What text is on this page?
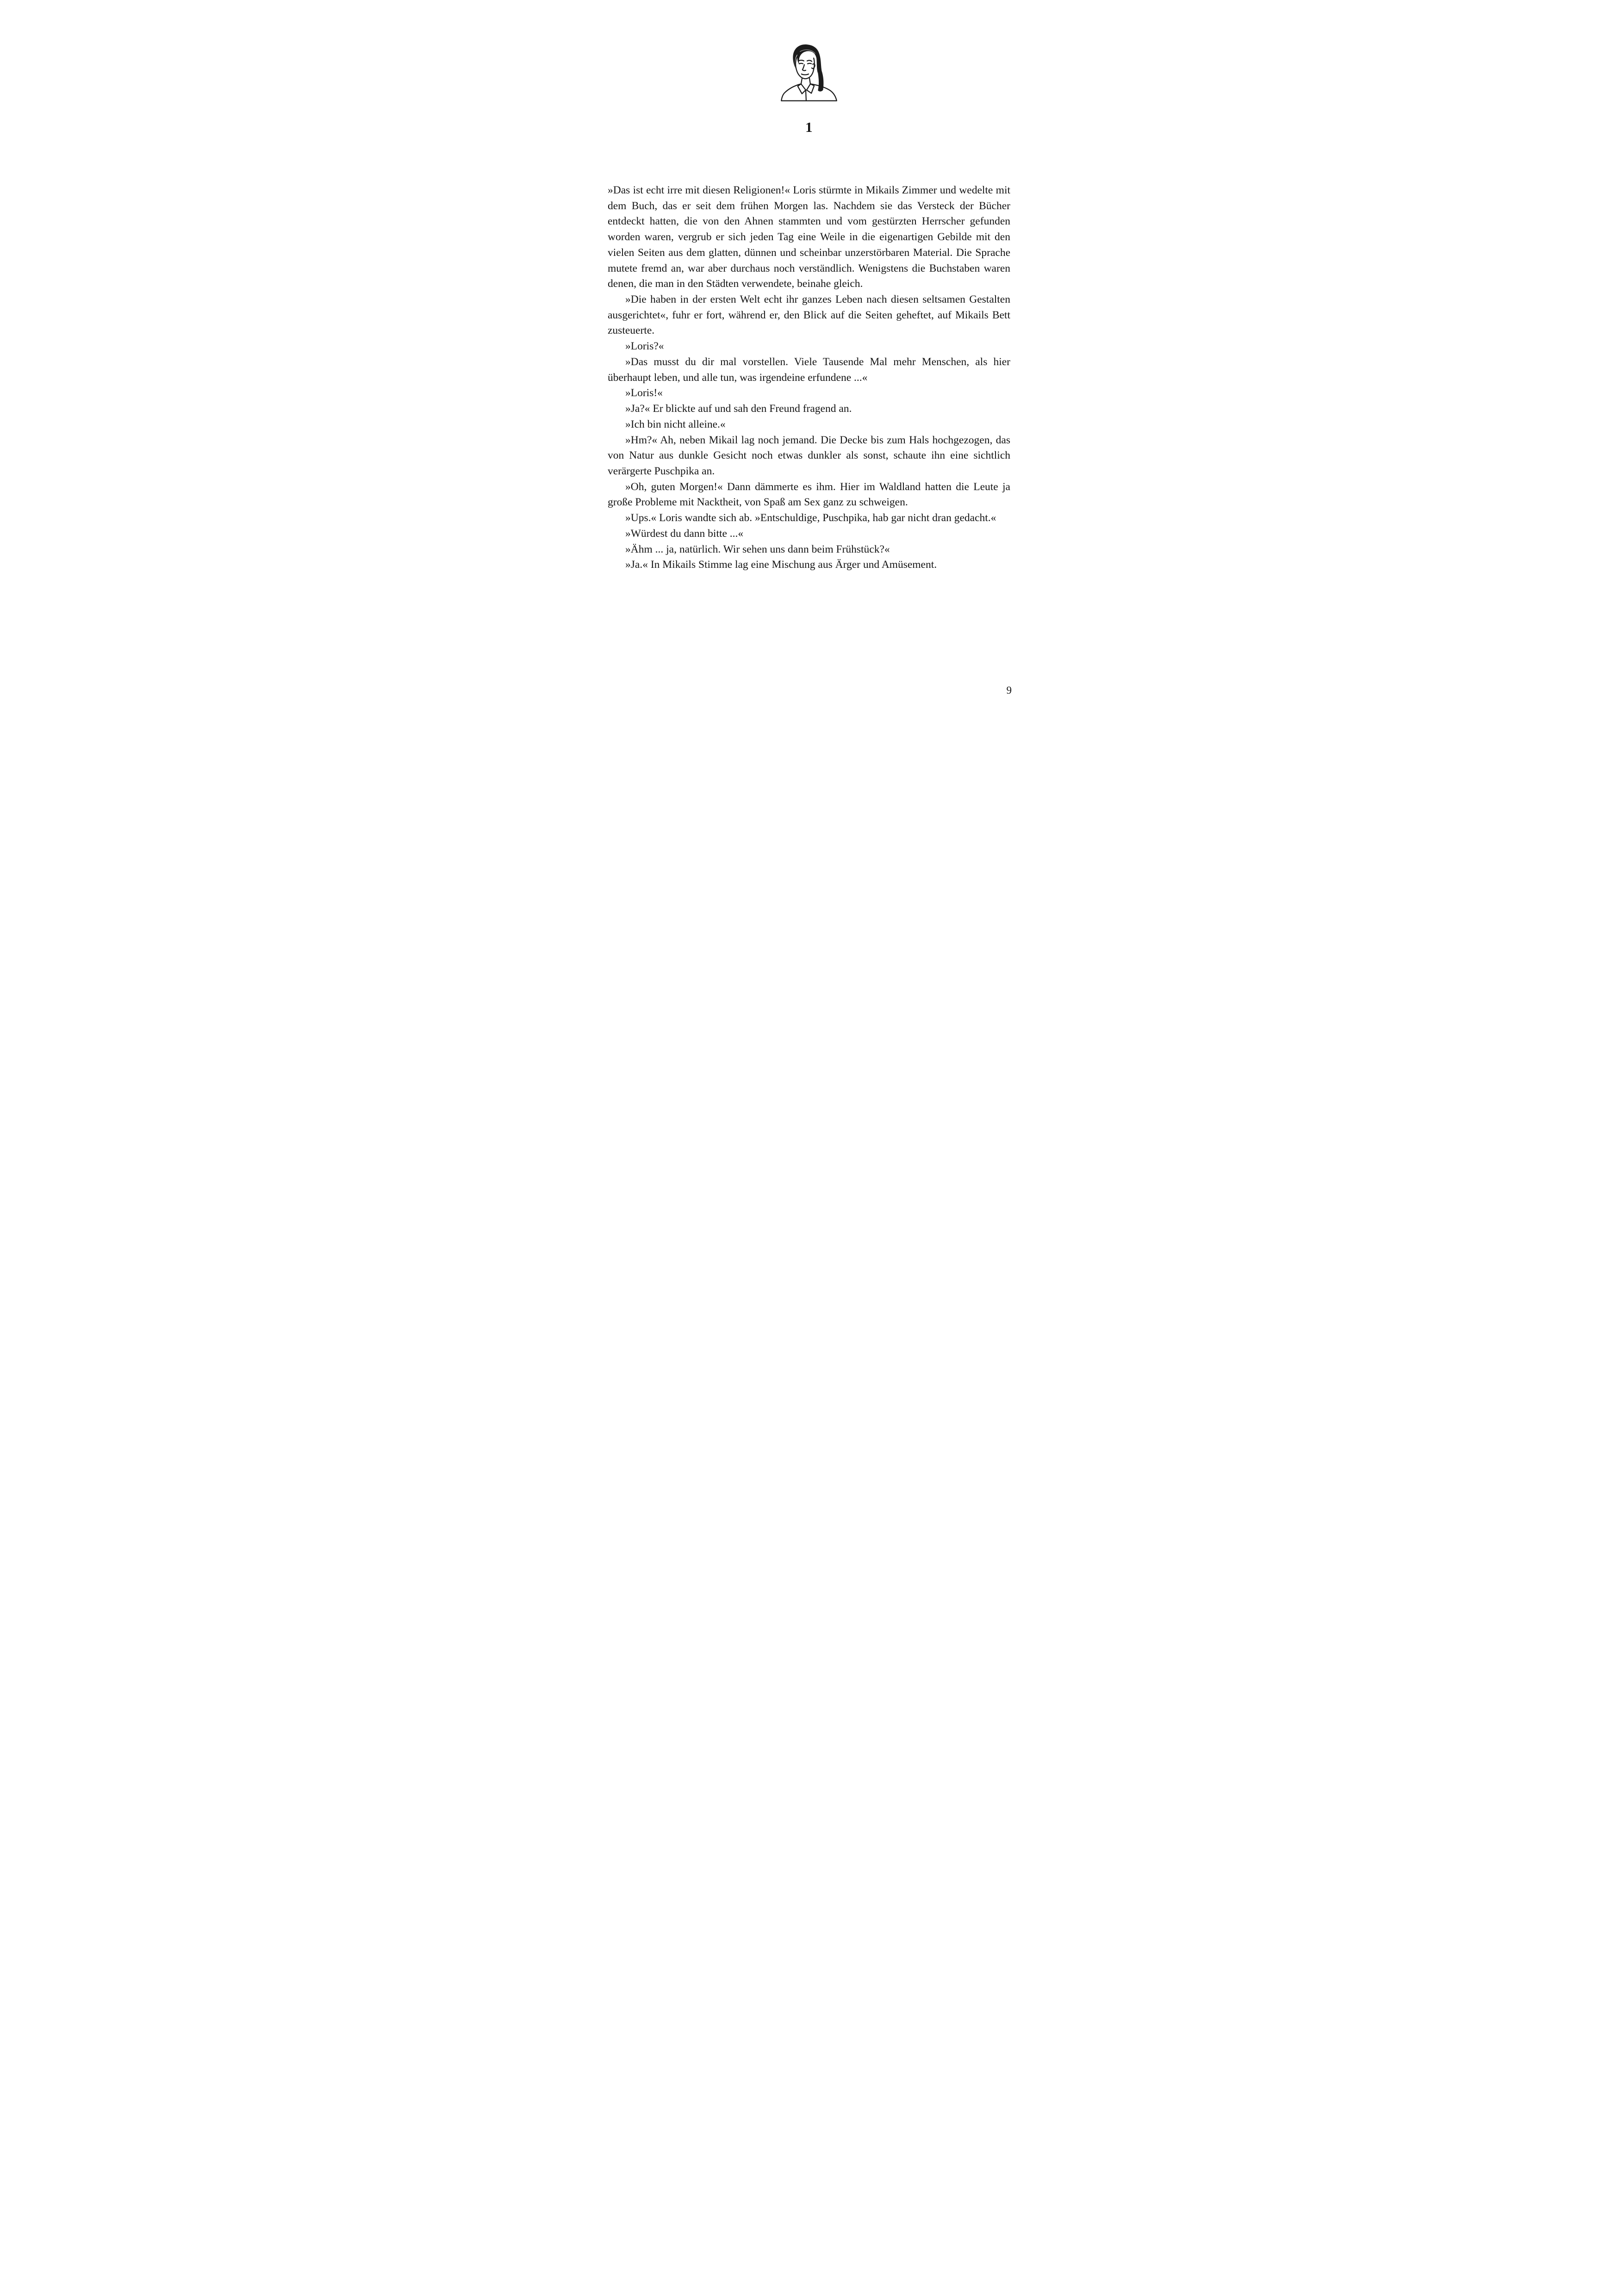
1

»Das ist echt irre mit diesen Religionen!« Loris stürmte in Mikails Zimmer und wedelte mit dem Buch, das er seit dem frühen Morgen las. Nachdem sie das Versteck der Bücher entdeckt hatten, die von den Ahnen stammten und vom gestürzten Herrscher gefunden worden waren, vergrub er sich jeden Tag eine Weile in die eigenartigen Gebilde mit den vielen Seiten aus dem glatten, dünnen und scheinbar unzerstörbaren Material. Die Sprache mutete fremd an, war aber durchaus noch verständlich. Wenigstens die Buchstaben waren denen, die man in den Städten verwendete, beinahe gleich.

»Die haben in der ersten Welt echt ihr ganzes Leben nach diesen seltsamen Gestalten ausgerichtet«, fuhr er fort, während er, den Blick auf die Seiten geheftet, auf Mikails Bett zusteuerte.

»Loris?«

»Das musst du dir mal vorstellen. Viele Tausende Mal mehr Menschen, als hier überhaupt leben, und alle tun, was irgendeine erfundene ...«

»Loris!«

»Ja?« Er blickte auf und sah den Freund fragend an.

»Ich bin nicht alleine.«

»Hm?« Ah, neben Mikail lag noch jemand. Die Decke bis zum Hals hochgezogen, das von Natur aus dunkle Gesicht noch etwas dunkler als sonst, schaute ihn eine sichtlich verärgerte Puschpika an.

»Oh, guten Morgen!« Dann dämmerte es ihm. Hier im Waldland hatten die Leute ja große Probleme mit Nacktheit, von Spaß am Sex ganz zu schweigen.

»Ups.« Loris wandte sich ab. »Entschuldige, Puschpika, hab gar nicht dran gedacht.«

»Würdest du dann bitte ...«

»Ähm ... ja, natürlich. Wir sehen uns dann beim Frühstück?«

»Ja.« In Mikails Stimme lag eine Mischung aus Ärger und Amüsement.

9
